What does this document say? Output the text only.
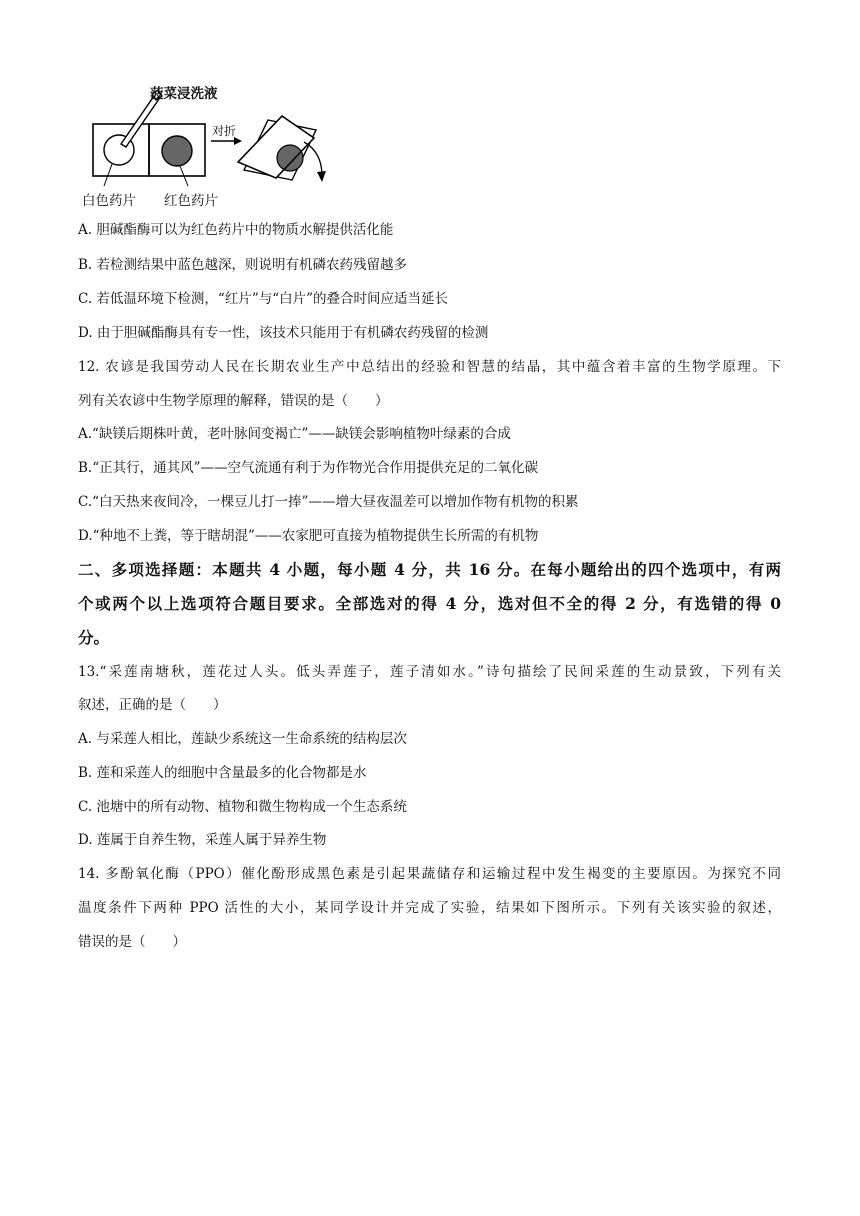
菠菜浸洗液
对折
白色药片 红色药片
A. 胆碱酯酶可以为红色药片中的物质水解提供活化能
B. 若检测结果中蓝色越深，则说明有机磷农药残留越多
C. 若低温环境下检测，“红片”与“白片”的叠合时间应适当延长
D. 由于胆碱酯酶具有专一性，该技术只能用于有机磷农药残留的检测
12. 农谚是我国劳动人民在长期农业生产中总结出的经验和智慧的结晶，其中蕴含着丰富的生物学原理。下
列有关农谚中生物学原理的解释，错误的是（　　）
A.“缺镁后期株叶黄，老叶脉间变褐亡”——缺镁会影响植物叶绿素的合成
B.“正其行，通其风”——空气流通有利于为作物光合作用提供充足的二氧化碳
C.“白天热来夜间冷，一棵豆儿打一捧”——增大昼夜温差可以增加作物有机物的积累
D.“种地不上粪，等于瞎胡混”——农家肥可直接为植物提供生长所需的有机物
二、多项选择题：本题共 4 小题，每小题 4 分，共 16 分。在每小题给出的四个选项中，有两
个或两个以上选项符合题目要求。全部选对的得 4 分，选对但不全的得 2 分，有选错的得 0
分。
13.“采莲南塘秋，莲花过人头。低头弄莲子，莲子清如水。”诗句描绘了民间采莲的生动景致，下列有关
叙述，正确的是（　　）
A. 与采莲人相比，莲缺少系统这一生命系统的结构层次
B. 莲和采莲人的细胞中含量最多的化合物都是水
C. 池塘中的所有动物、植物和微生物构成一个生态系统
D. 莲属于自养生物，采莲人属于异养生物
14. 多酚氧化酶（PPO）催化酚形成黑色素是引起果蔬储存和运输过程中发生褐变的主要原因。为探究不同
温度条件下两种 PPO 活性的大小，某同学设计并完成了实验，结果如下图所示。下列有关该实验的叙述，
错误的是（　　）
